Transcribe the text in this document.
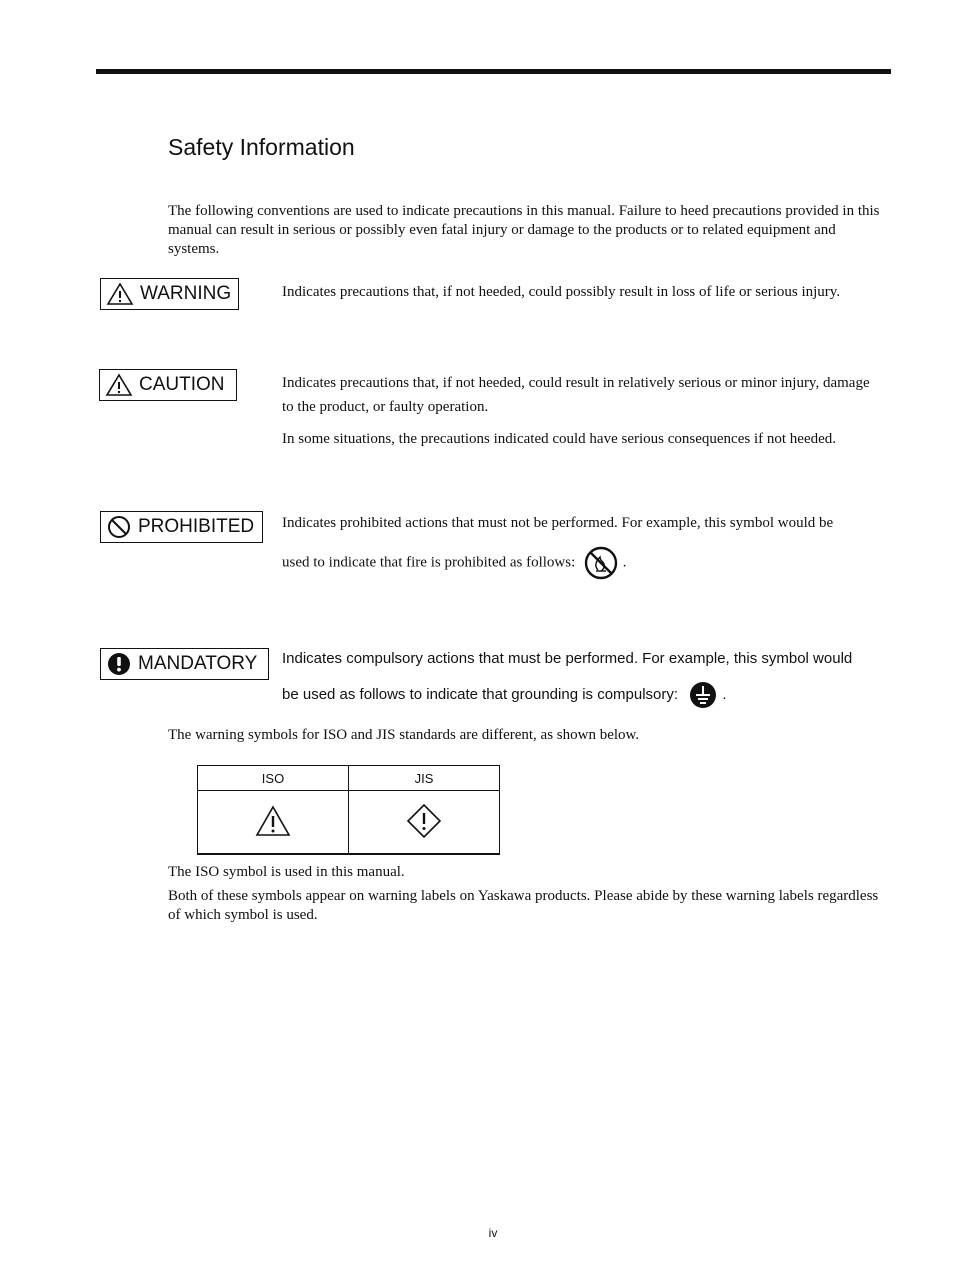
Safety Information
The following conventions are used to indicate precautions in this manual. Failure to heed precautions provided in this manual can result in serious or possibly even fatal injury or damage to the products or to related equipment and systems.
WARNING	Indicates precautions that, if not heeded, could possibly result in loss of life or serious injury.
CAUTION	Indicates precautions that, if not heeded, could result in relatively serious or minor injury, damage to the product, or faulty operation.
In some situations, the precautions indicated could have serious consequences if not heeded.
PROHIBITED Indicates prohibited actions that must not be performed. For example, this symbol would be
used to indicate that fire is prohibited as follows:	.
MANDATORY Indicates compulsory actions that must be performed. For example, this symbol would
be used as follows to indicate that grounding is compulsory:	.
The warning symbols for ISO and JIS standards are different, as shown below.
ISO	JIS

The ISO symbol is used in this manual.
Both of these symbols appear on warning labels on Yaskawa products. Please abide by these warning labels regardless of which symbol is used.
iv
